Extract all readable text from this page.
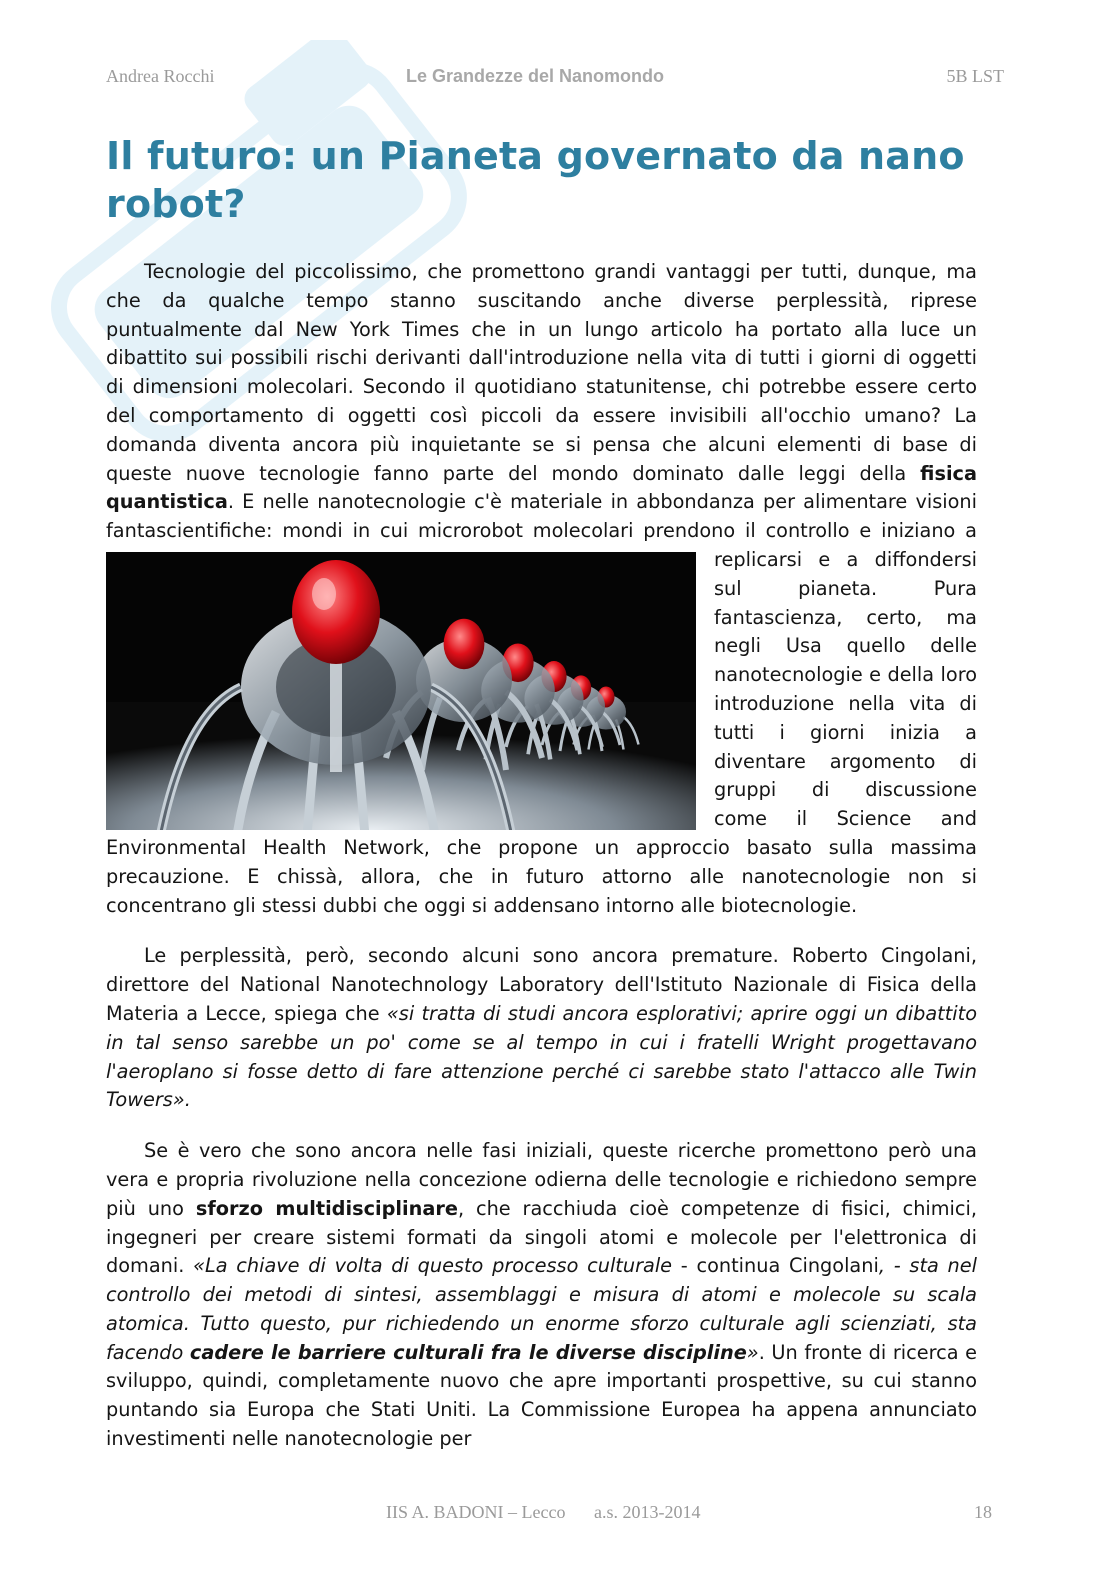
Andrea Rocchi	Le Grandezze del Nanomondo	5B LST
Il futuro: un Pianeta governato da nano robot?

Tecnologie del piccolissimo, che promettono grandi vantaggi per tutti, dunque, ma che da qualche tempo stanno suscitando anche diverse perplessità, riprese puntualmente dal New York Times che in un lungo articolo ha portato alla luce un dibattito sui possibili rischi derivanti dall'introduzione nella vita di tutti i giorni di oggetti di dimensioni molecolari. Secondo il quotidiano statunitense, chi potrebbe essere certo del comportamento di oggetti così piccoli da essere invisibili all'occhio umano? La domanda diventa ancora più inquietante se si pensa che alcuni elementi di base di queste nuove tecnologie fanno parte del mondo dominato dalle leggi della fisica quantistica. E nelle nanotecnologie c'è materiale in abbondanza per alimentare visioni fantascientifiche: mondi in cui microrobot molecolari prendono il
controllo e iniziano a replicarsi e a diffondersi sul pianeta. Pura fantascienza, certo, ma negli Usa quello delle nanotecnologie e della loro introduzione nella vita di tutti i giorni inizia a diventare argomento di gruppi di discussione come il Science and Environmental Health Network, che propone un approccio basato sulla massima precauzione. E chissà, allora, che in futuro attorno alle nanotecnologie non si concentrano gli stessi dubbi che oggi si addensano intorno alle biotecnologie.

Le perplessità, però, secondo alcuni sono ancora premature. Roberto Cingolani, direttore del National Nanotechnology Laboratory dell'Istituto Nazionale di Fisica della Materia a Lecce, spiega che «si tratta di studi ancora esplorativi; aprire oggi un dibattito in tal senso sarebbe un po' come se al tempo in cui i fratelli Wright progettavano l'aeroplano si fosse detto di fare attenzione perché ci sarebbe stato l'attacco alle Twin Towers».

Se è vero che sono ancora nelle fasi iniziali, queste ricerche promettono però una vera e propria rivoluzione nella concezione odierna delle tecnologie e richiedono sempre più uno sforzo multidisciplinare, che racchiuda cioè competenze di fisici, chimici, ingegneri per creare sistemi formati da singoli atomi e molecole per l'elettronica di domani. «La chiave di volta di questo processo culturale - continua Cingolani, - sta nel controllo dei metodi di sintesi, assemblaggi e misura di atomi e molecole su scala atomica. Tutto questo, pur richiedendo un enorme sforzo culturale agli scienziati, sta facendo cadere le barriere culturali fra le diverse discipline». Un fronte di ricerca e sviluppo, quindi, completamente nuovo che apre importanti prospettive, su cui stanno puntando sia Europa che Stati Uniti. La Commissione Europea ha appena annunciato investimenti nelle nanotecnologie per

IIS A. BADONI – Lecco a.s. 2013-2014	18
